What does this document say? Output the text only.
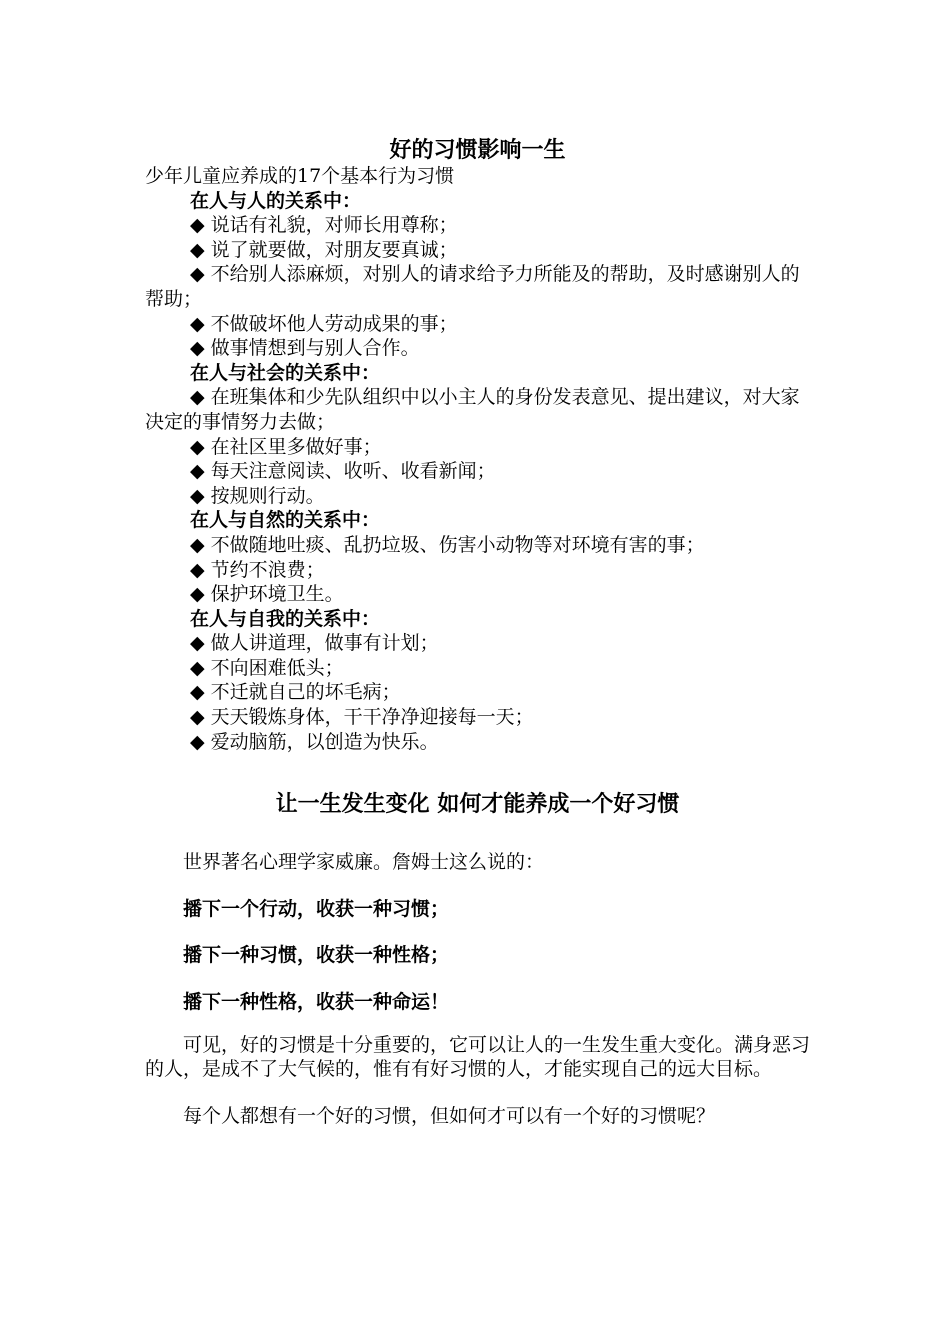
好的习惯影响一生

少年儿童应养成的17个基本行为习惯

在人与人的关系中：

◆ 说话有礼貌，对师长用尊称；

◆ 说了就要做，对朋友要真诚；

◆ 不给别人添麻烦，对别人的请求给予力所能及的帮助，及时感谢别人的帮助；

◆ 不做破坏他人劳动成果的事；

◆ 做事情想到与别人合作。

在人与社会的关系中：

◆ 在班集体和少先队组织中以小主人的身份发表意见、提出建议，对大家决定的事情努力去做；

◆ 在社区里多做好事；

◆ 每天注意阅读、收听、收看新闻；

◆ 按规则行动。

在人与自然的关系中：

◆ 不做随地吐痰、乱扔垃圾、伤害小动物等对环境有害的事；

◆ 节约不浪费；

◆ 保护环境卫生。

在人与自我的关系中：

◆ 做人讲道理，做事有计划；

◆ 不向困难低头；

◆ 不迁就自己的坏毛病；

◆ 天天锻炼身体，干干净净迎接每一天；

◆ 爱动脑筋，以创造为快乐。

让一生发生变化 如何才能养成一个好习惯

世界著名心理学家威廉。詹姆士这么说的：

播下一个行动，收获一种习惯；

播下一种习惯，收获一种性格；

播下一种性格，收获一种命运！

可见，好的习惯是十分重要的，它可以让人的一生发生重大变化。满身恶习的人，是成不了大气候的，惟有有好习惯的人，才能实现自己的远大目标。

每个人都想有一个好的习惯，但如何才可以有一个好的习惯呢？
